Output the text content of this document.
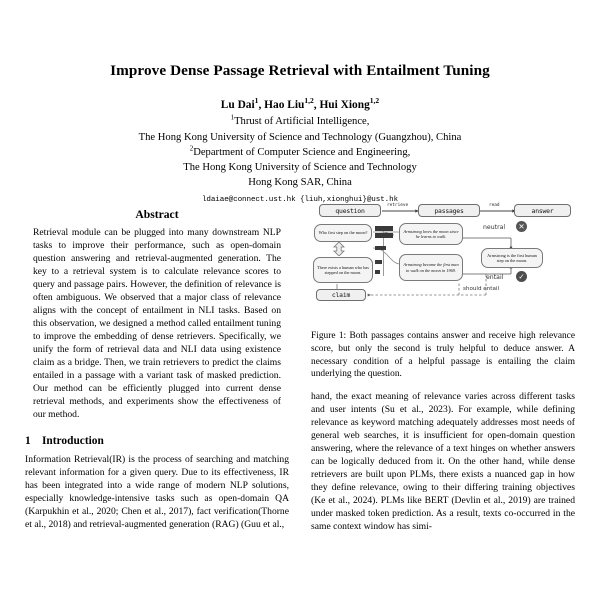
Improve Dense Passage Retrieval with Entailment Tuning
Lu Dai$^1$, Hao Liu$^{1,2}$, Hui Xiong$^{1,2}$
$^1$Thrust of Artificial Intelligence,
The Hong Kong University of Science and Technology (Guangzhou), China
$^2$Department of Computer Science and Engineering,
The Hong Kong University of Science and Technology
Hong Kong SAR, China
ldaiae@connect.ust.hk {liuh,xionghui}@ust.hk
Abstract
Retrieval module can be plugged into many downstream NLP tasks to improve their performance, such as open-domain question answering and retrieval-augmented generation. The key to a retrieval system is to calculate relevance scores to query and passage pairs. However, the definition of relevance is often ambiguous. We observed that a major class of relevance aligns with the concept of entailment in NLI tasks. Based on this observation, we designed a method called entailment tuning to improve the embedding of dense retrievers. Specifically, we unify the form of retrieval data and NLI data using existence claim as a bridge. Then, we train retrievers to predict the claims entailed in a passage with a variant task of masked prediction. Our method can be efficiently plugged into current dense retrieval methods, and experiments show the effectiveness of our method.
1 Introduction
Information Retrieval(IR) is the process of searching and matching relevant information for a given query. Due to its effectiveness, IR has been integrated into a wide range of modern NLP solutions, especially knowledge-intensive tasks such as open-domain QA (Karpukhin et al., 2020; Chen et al., 2017), fact verification(Thorne et al., 2018) and retrieval-augmented generation (RAG) (Guu et al.,
question	passages	answer
retrieve	read
Who first step on the moon?
There exists a human who has stepped on the moon.
claim
Armstrong loves the moon since he learns to walk.
Armstrong became the first man to walk on the moon in 1969.
Armstrong is the first human step on the moon.
neutral	✕
entail	✓
should entail
Figure 1: Both passages contains answer and receive high relevance score, but only the second is truly helpful to deduce answer. A necessary condition of a helpful passage is entailing the claim underlying the question.
hand, the exact meaning of relevance varies across different tasks and user intents (Su et al., 2023). For example, while defining relevance as keyword matching adequately addresses most needs of general web searches, it is insufficient for open-domain question answering, where the relevance of a text hinges on whether answers can be logically deduced from it. On the other hand, while dense retrievers are built upon PLMs, there exists a nuanced gap in how they define relevance, owing to their differing training objectives (Ke et al., 2024). PLMs like BERT (Devlin et al., 2019) are trained under masked token prediction. As a result, texts co-occurred in the same context window has simi-
